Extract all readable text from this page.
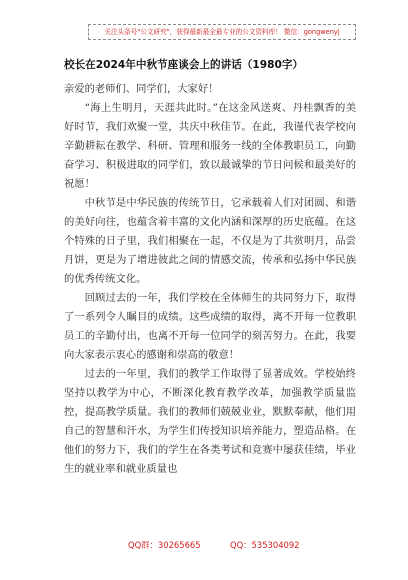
关注头条号"公文研究"，获得最新最全最专业的公文资料库！ 微信：gongwenyj
校长在2024年中秋节座谈会上的讲话（1980字）

亲爱的老师们、同学们，大家好！

“海上生明月，天涯共此时。”在这金风送爽、丹桂飘香的美好时节，我们欢聚一堂，共庆中秋佳节。在此，我谨代表学校向辛勤耕耘在教学、科研、管理和服务一线的全体教职员工，向勤奋学习、积极进取的同学们，致以最诚挚的节日问候和最美好的祝愿！

中秋节是中华民族的传统节日，它承载着人们对团圆、和谐的美好向往，也蕴含着丰富的文化内涵和深厚的历史底蕴。在这个特殊的日子里，我们相聚在一起，不仅是为了共赏明月，品尝月饼，更是为了增进彼此之间的情感交流，传承和弘扬中华民族的优秀传统文化。

回顾过去的一年，我们学校在全体师生的共同努力下，取得了一系列令人瞩目的成绩。这些成绩的取得，离不开每一位教职员工的辛勤付出，也离不开每一位同学的刻苦努力。在此，我要向大家表示衷心的感谢和崇高的敬意！

过去的一年里，我们的教学工作取得了显著成效。学校始终坚持以教学为中心，不断深化教育教学改革，加强教学质量监控，提高教学质量。我们的教师们兢兢业业，默默奉献，他们用自己的智慧和汗水，为学生们传授知识培养能力，塑造品格。在他们的努力下，我们的学生在各类考试和竞赛中屡获佳绩，毕业生的就业率和就业质量也

QQ群：30265665	QQ：535304092
